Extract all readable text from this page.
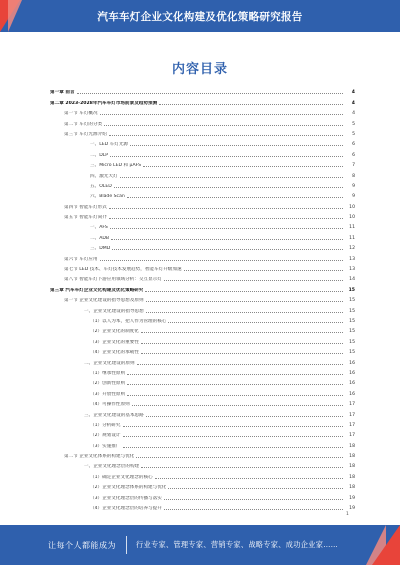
汽车车灯企业文化构建及优化策略研究报告
内容目录
第一章 前言	4
第二章 2023-2028年汽车车灯市场前景及趋势预测	4
第一节 车灯概况	4
第二节 车灯的分类	5
第三节 车灯光源介绍	5
一、LED 车灯光源	6
二、DLP	6
三、Micro LED 和 μAFS	7
四、激光大灯	8
五、OLED	9
六、Blade Scan	9
第四节 智能车灯形式	10
第五节 智能车灯简介	10
一、AFS	11
二、ADB	11
三、DMD	12
第六节 车灯应用	13
第七节 LED 技术、车灯技术发展趋势，智能车灯升级加速	13
第八节 智能车灯下游应用领域分析：交互显示灯	14
第三章 汽车车灯企业文化构建及优化策略研究	15
第一节 企业文化建设的指导思想及原则	15
一、企业文化建设的指导思想	15
（1）以人为本，把人作为管理的核心	15
（2）企业文化的制度化	15
（3）企业文化的重要性	15
（4）企业文化的承载性	15
二、企业文化建设的原则	16
（1）继承性原则	16
（2）创新性原则	16
（3）开放性原则	16
（4）可操作性原则	17
三、企业文化建设的基本思路	17
（1）分析研究	17
（2）规划设计	17
（3）实施推广	18
第二节 企业文化体系的构建与优化	18
一、企业文化理念层的构建	18
（1）确定企业文化理念的核心	18
（2）企业文化理念体系的构建与优化	18
（3）企业文化理念层的传播与落实	19
（4）企业文化理念层的培养与提升	19
1
让每个人都能成为	行业专家、管理专家、营销专家、战略专家、成功企业家……
